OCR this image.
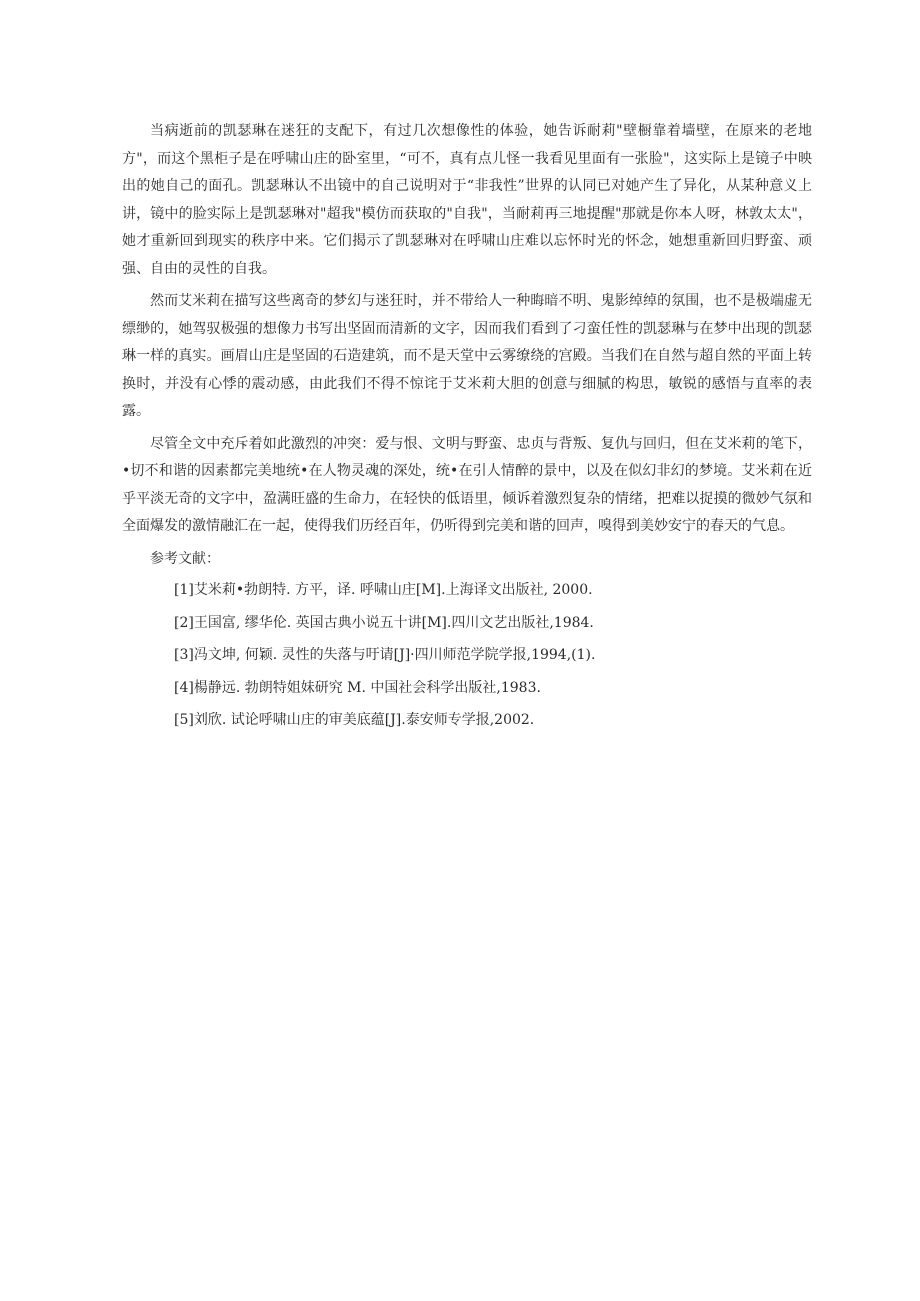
当病逝前的凯瑟琳在迷狂的支配下，有过几次想像性的体验，她告诉耐莉"壁橱靠着墙壁，在原来的老地方"，而这个黑柜子是在呼啸山庄的卧室里，“可不，真有点儿怪一我看见里面有一张脸"，这实际上是镜子中映出的她自己的面孔。凯瑟琳认不出镜中的自己说明对于“非我性”世界的认同已对她产生了异化，从某种意义上讲，镜中的脸实际上是凯瑟琳对"超我"模仿而获取的"自我"，当耐莉再三地提醒"那就是你本人呀，林敦太太"，她才重新回到现实的秩序中来。它们揭示了凯瑟琳对在呼啸山庄难以忘怀时光的怀念，她想重新回归野蛮、顽强、自由的灵性的自我。

然而艾米莉在描写这些离奇的梦幻与迷狂时，并不带给人一种晦暗不明、鬼影绰绰的氛围，也不是极端虚无缥缈的，她驾驭极强的想像力书写出坚固而清新的文字，因而我们看到了刁蛮任性的凯瑟琳与在梦中出现的凯瑟琳一样的真实。画眉山庄是坚固的石造建筑，而不是天堂中云雾缭绕的宫殿。当我们在自然与超自然的平面上转换时，并没有心悸的震动感，由此我们不得不惊诧于艾米莉大胆的创意与细腻的构思，敏锐的感悟与直率的表露。

尽管全文中充斥着如此激烈的冲突：爱与恨、文明与野蛮、忠贞与背叛、复仇与回归，但在艾米莉的笔下，•切不和谐的因素都完美地统•在人物灵魂的深处，统•在引人情醉的景中，以及在似幻非幻的梦境。艾米莉在近乎平淡无奇的文字中，盈满旺盛的生命力，在轻快的低语里，倾诉着激烈复杂的情绪，把难以捉摸的微妙气氛和全面爆发的激情融汇在一起，使得我们历经百年，仍听得到完美和谐的回声，嗅得到美妙安宁的春天的气息。

参考文献：

[1]艾米莉•勃朗特. 方平，译. 呼啸山庄[M].上海译文出版社, 2000.
[2]王国富, 缪华伦. 英国古典小说五十讲[M].四川文艺出版社,1984.
[3]冯文坤, 何颖. 灵性的失落与吁请[J]·四川师范学院学报,1994,(1).
[4]楊静远. 勃朗特姐妹研究 M. 中国社会科学出版社,1983.
[5]刘欣. 试论呼啸山庄的审美底蕴[J].泰安师专学报,2002.
